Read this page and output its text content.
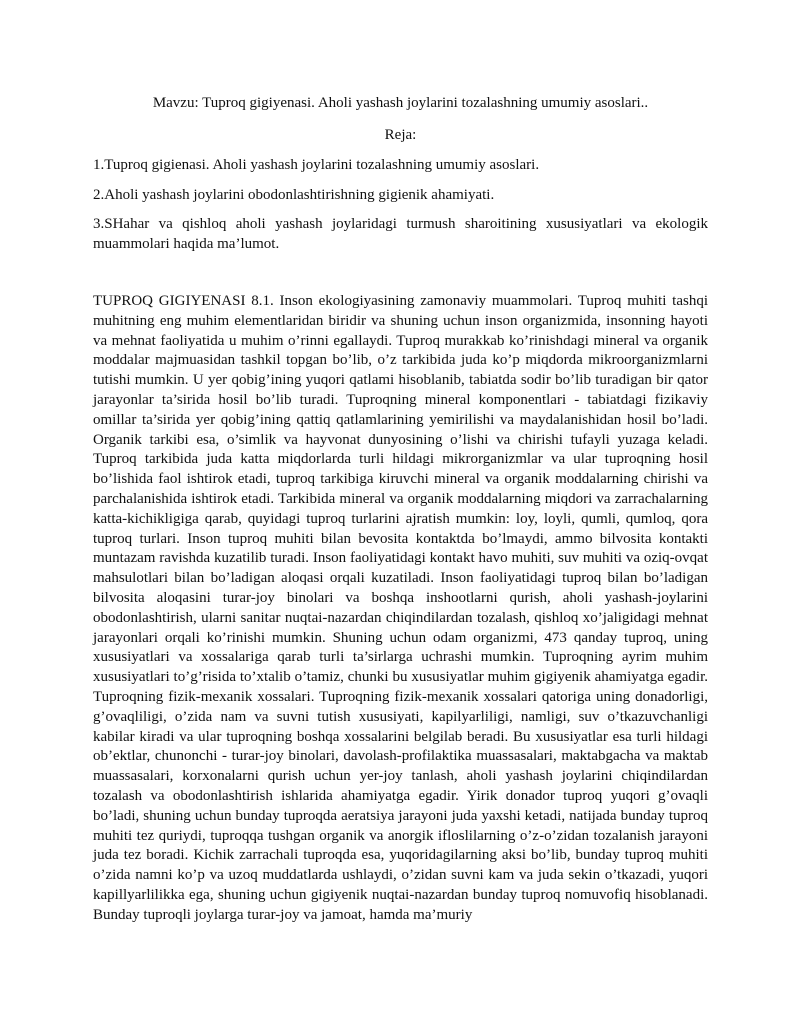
Mavzu: Tuproq gigiyenasi. Aholi yashash joylarini tozalashning umumiy asoslari..

Reja:

1.Tuproq gigienasi. Aholi yashash joylarini tozalashning umumiy asoslari.
2.Aholi yashash joylarini obodonlashtirishning gigienik ahamiyati.
3.SHahar va qishloq aholi yashash joylaridagi turmush sharoitining xususiyatlari va ekologik muammolari haqida ma’lumot.

TUPROQ GIGIYENASI 8.1. Inson ekologiyasining zamonaviy muammolari. Tuproq muhiti tashqi muhitning eng muhim elementlaridan biridir va shuning uchun inson organizmida, insonning hayoti va mehnat faoliyatida u muhim o’rinni egallaydi. Tuproq murakkab ko’rinishdagi mineral va organik moddalar majmuasidan tashkil topgan bo’lib, o’z tarkibida juda ko’p miqdorda mikroorganizmlarni tutishi mumkin. U yer qobig’ining yuqori qatlami hisoblanib, tabiatda sodir bo’lib turadigan bir qator jarayonlar ta’sirida hosil bo’lib turadi. Tuproqning mineral komponentlari - tabiatdagi fizikaviy omillar ta’sirida yer qobig’ining qattiq qatlamlarining yemirilishi va maydalanishidan hosil bo’ladi. Organik tarkibi esa, o’simlik va hayvonat dunyosining o’lishi va chirishi tufayli yuzaga keladi. Tuproq tarkibida juda katta miqdorlarda turli hildagi mikrorganizmlar va ular tuproqning hosil bo’lishida faol ishtirok etadi, tuproq tarkibiga kiruvchi mineral va organik moddalarning chirishi va parchalanishida ishtirok etadi. Tarkibida mineral va organik moddalarning miqdori va zarrachalarning katta-kichikligiga qarab, quyidagi tuproq turlarini ajratish mumkin: loy, loyli, qumli, qumloq, qora tuproq turlari. Inson tuproq muhiti bilan bevosita kontaktda bo’lmaydi, ammo bilvosita kontakti muntazam ravishda kuzatilib turadi. Inson faoliyatidagi kontakt havo muhiti, suv muhiti va oziq-ovqat mahsulotlari bilan bo’ladigan aloqasi orqali kuzatiladi. Inson faoliyatidagi tuproq bilan bo’ladigan bilvosita aloqasini turar-joy binolari va boshqa inshootlarni qurish, aholi yashash-joylarini obodonlashtirish, ularni sanitar nuqtai-nazardan chiqindilardan tozalash, qishloq xo’jaligidagi mehnat jarayonlari orqali ko’rinishi mumkin. Shuning uchun odam organizmi, 473 qanday tuproq, uning xususiyatlari va xossalariga qarab turli ta’sirlarga uchrashi mumkin. Tuproqning ayrim muhim xususiyatlari to’g’risida to’xtalib o’tamiz, chunki bu xususiyatlar muhim gigiyenik ahamiyatga egadir. Tuproqning fizik-mexanik xossalari. Tuproqning fizik-mexanik xossalari qatoriga uning donadorligi, g’ovaqliligi, o’zida nam va suvni tutish xususiyati, kapilyarliligi, namligi, suv o’tkazuvchanligi kabilar kiradi va ular tuproqning boshqa xossalarini belgilab beradi. Bu xususiyatlar esa turli hildagi ob’ektlar, chunonchi - turar-joy binolari, davolash-profilaktika muassasalari, maktabgacha va maktab muassasalari, korxonalarni qurish uchun yer-joy tanlash, aholi yashash joylarini chiqindilardan tozalash va obodonlashtirish ishlarida ahamiyatga egadir. Yirik donador tuproq yuqori g’ovaqli bo’ladi, shuning uchun bunday tuproqda aeratsiya jarayoni juda yaxshi ketadi, natijada bunday tuproq muhiti tez quriydi, tuproqqa tushgan organik va anorgik ifloslilarning o’z-o’zidan tozalanish jarayoni juda tez boradi. Kichik zarrachali tuproqda esa, yuqoridagilarning aksi bo’lib, bunday tuproq muhiti o’zida namni ko’p va uzoq muddatlarda ushlaydi, o’zidan suvni kam va juda sekin o’tkazadi, yuqori kapillyarlilikka ega, shuning uchun gigiyenik nuqtai-nazardan bunday tuproq nomuvofiq hisoblanadi. Bunday tuproqli joylarga turar-joy va jamoat, hamda ma’muriy
